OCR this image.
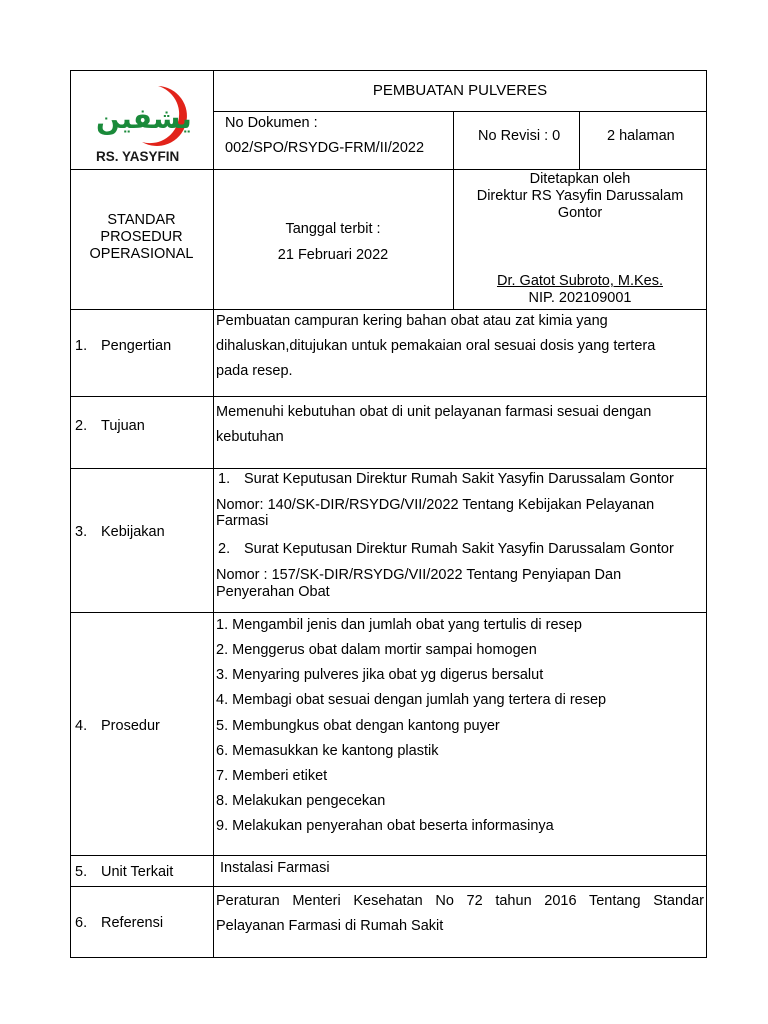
يشفين
RS. YASYFIN
PEMBUATAN PULVERES
No Dokumen :
002/SPO/RSYDG-FRM/II/2022
No Revisi : 0	2 halaman
STANDAR
PROSEDUR
OPERASIONAL
Tanggal terbit :
21 Februari 2022
Ditetapkan oleh
Direktur RS Yasyfin Darussalam
Gontor
Dr. Gatot Subroto, M.Kes.
NIP. 202109001
1. Pengertian
Pembuatan campuran kering bahan obat atau zat kimia yang
dihaluskan,ditujukan untuk pemakaian oral sesuai dosis yang tertera
pada resep.
2. Tujuan
Memenuhi kebutuhan obat di unit pelayanan farmasi sesuai dengan
kebutuhan
3. Kebijakan
1. Surat Keputusan Direktur Rumah Sakit Yasyfin Darussalam Gontor
Nomor: 140/SK-DIR/RSYDG/VII/2022 Tentang Kebijakan Pelayanan
Farmasi
2. Surat Keputusan Direktur Rumah Sakit Yasyfin Darussalam Gontor
Nomor : 157/SK-DIR/RSYDG/VII/2022 Tentang Penyiapan Dan
Penyerahan Obat
4. Prosedur
1. Mengambil jenis dan jumlah obat yang tertulis di resep
2. Menggerus obat dalam mortir sampai homogen
3. Menyaring pulveres jika obat yg digerus bersalut
4. Membagi obat sesuai dengan jumlah yang tertera di resep
5. Membungkus obat dengan kantong puyer
6. Memasukkan ke kantong plastik
7. Memberi etiket
8. Melakukan pengecekan
9. Melakukan penyerahan obat beserta informasinya
5. Unit Terkait	Instalasi Farmasi
6. Referensi
Peraturan Menteri Kesehatan No 72 tahun 2016 Tentang Standar
Pelayanan Farmasi di Rumah Sakit
